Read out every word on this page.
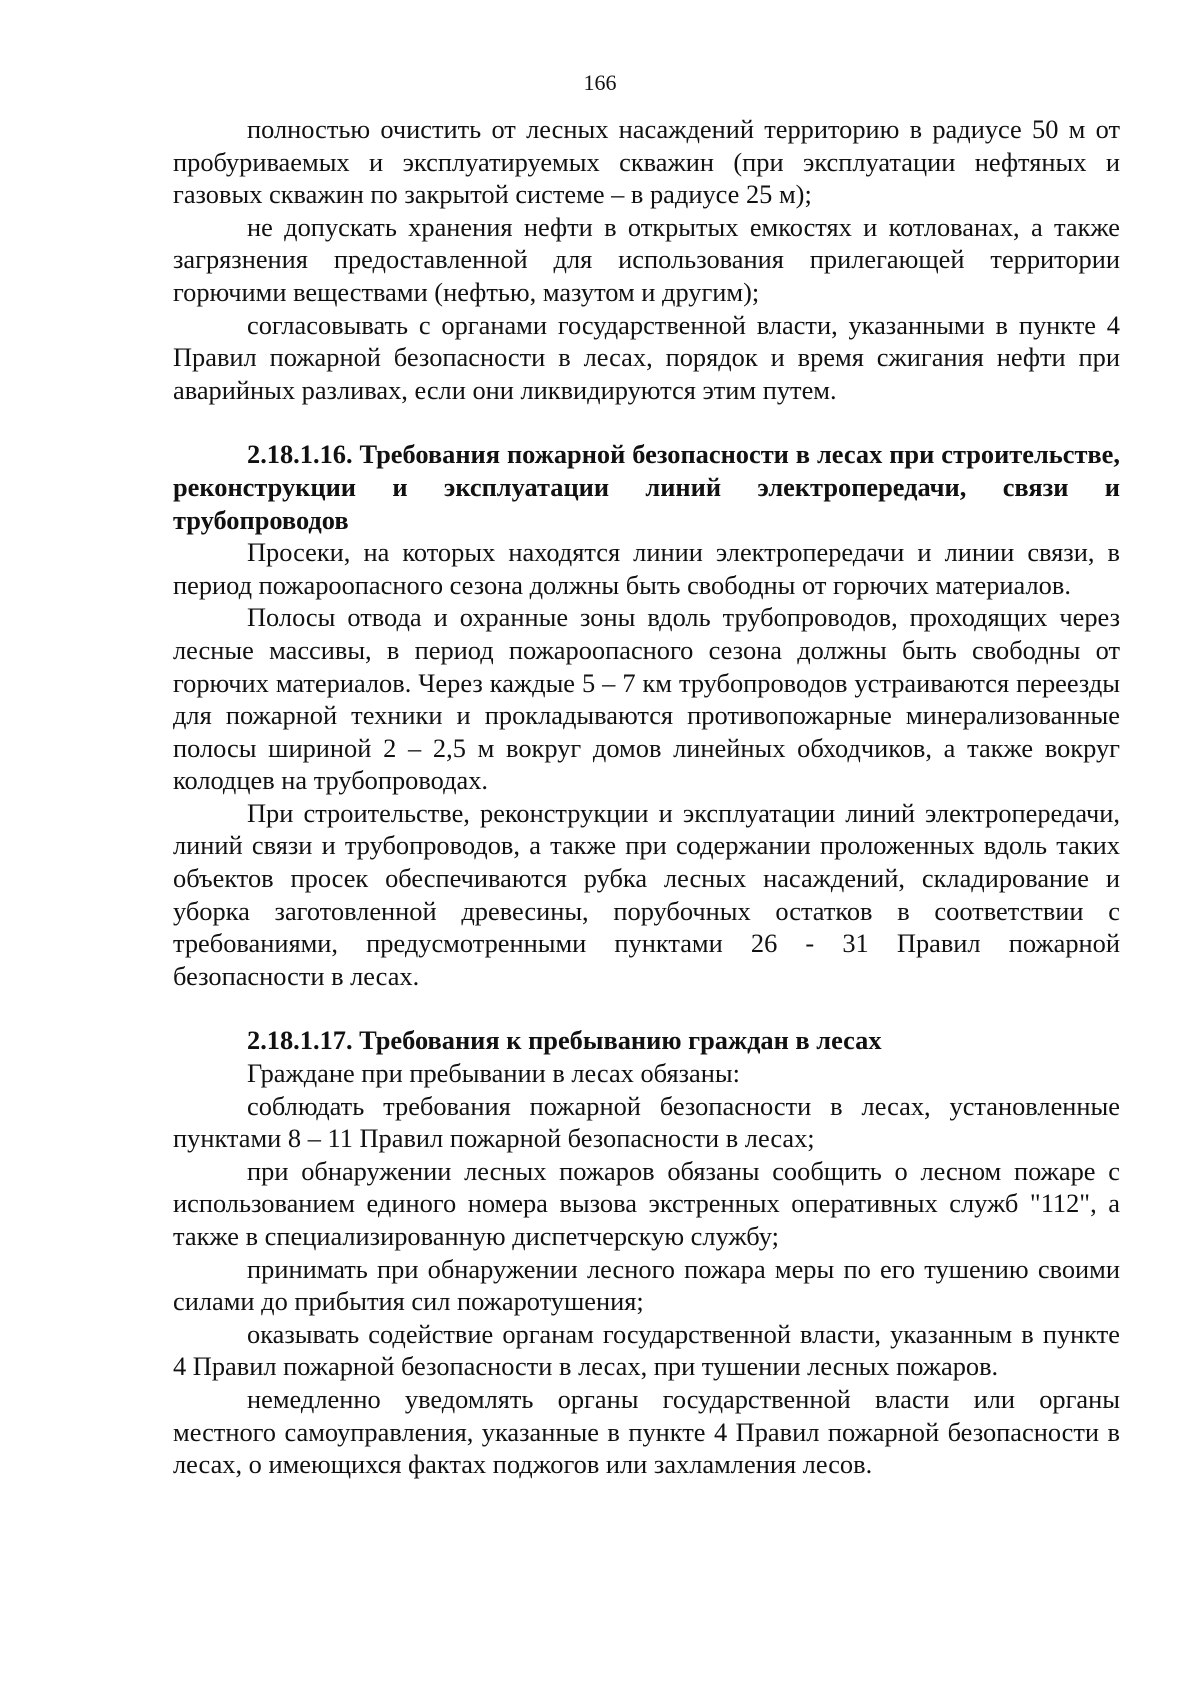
166

полностью очистить от лесных насаждений территорию в радиусе 50 м от пробуриваемых и эксплуатируемых скважин (при эксплуатации нефтяных и газовых скважин по закрытой системе – в радиусе 25 м);

не допускать хранения нефти в открытых емкостях и котлованах, а также загрязнения предоставленной для использования прилегающей территории горючими веществами (нефтью, мазутом и другим);

согласовывать с органами государственной власти, указанными в пункте 4 Правил пожарной безопасности в лесах, порядок и время сжигания нефти при аварийных разливах, если они ликвидируются этим путем.

2.18.1.16. Требования пожарной безопасности в лесах при строительстве, реконструкции и эксплуатации линий электропередачи, связи и трубопроводов

Просеки, на которых находятся линии электропередачи и линии связи, в период пожароопасного сезона должны быть свободны от горючих материалов.

Полосы отвода и охранные зоны вдоль трубопроводов, проходящих через лесные массивы, в период пожароопасного сезона должны быть свободны от горючих материалов. Через каждые 5 – 7 км трубопроводов устраиваются переезды для пожарной техники и прокладываются противопожарные минерализованные полосы шириной 2 – 2,5 м вокруг домов линейных обходчиков, а также вокруг колодцев на трубопроводах.

При строительстве, реконструкции и эксплуатации линий электропередачи, линий связи и трубопроводов, а также при содержании проложенных вдоль таких объектов просек обеспечиваются рубка лесных насаждений, складирование и уборка заготовленной древесины, порубочных остатков в соответствии с требованиями, предусмотренными пунктами 26 - 31 Правил пожарной безопасности в лесах.

2.18.1.17. Требования к пребыванию граждан в лесах

Граждане при пребывании в лесах обязаны:

соблюдать требования пожарной безопасности в лесах, установленные пунктами 8 – 11 Правил пожарной безопасности в лесах;

при обнаружении лесных пожаров обязаны сообщить о лесном пожаре с использованием единого номера вызова экстренных оперативных служб "112", а также в специализированную диспетчерскую службу;

принимать при обнаружении лесного пожара меры по его тушению своими силами до прибытия сил пожаротушения;

оказывать содействие органам государственной власти, указанным в пункте 4 Правил пожарной безопасности в лесах, при тушении лесных пожаров.

немедленно уведомлять органы государственной власти или органы местного самоуправления, указанные в пункте 4 Правил пожарной безопасности в лесах, о имеющихся фактах поджогов или захламления лесов.
